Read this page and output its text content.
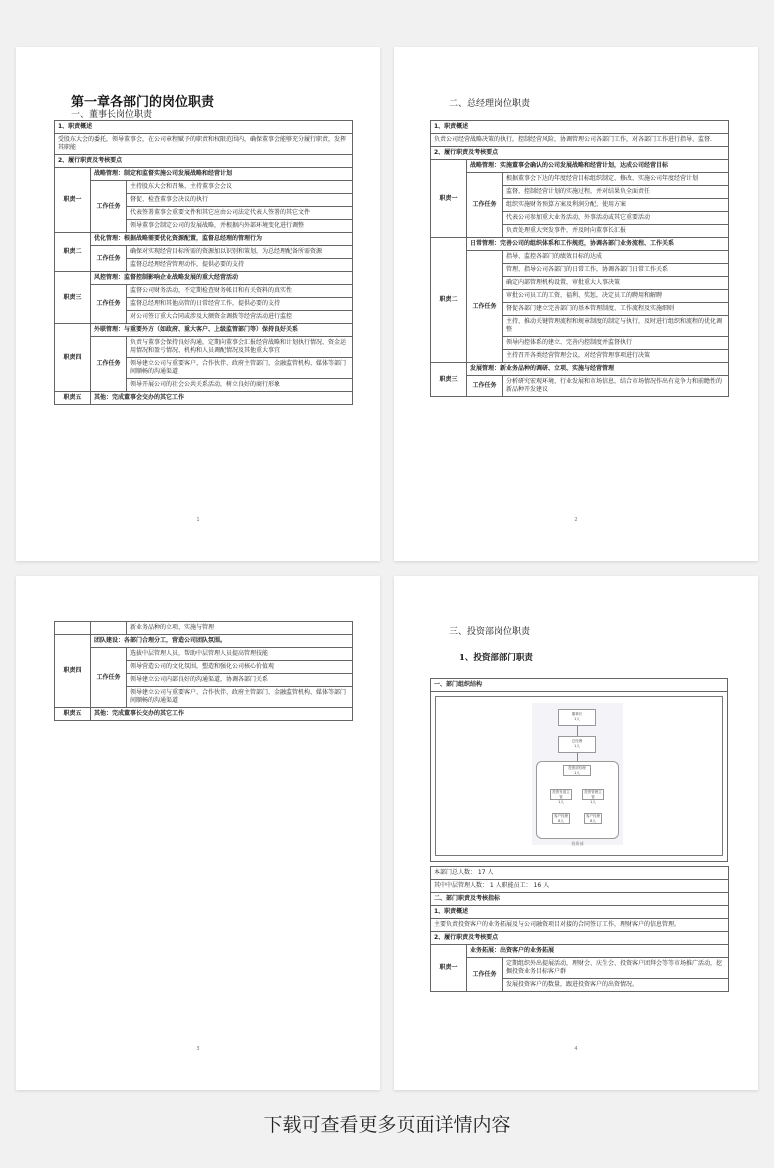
第一章各部门的岗位职责
一、董事长岗位职责
1、职责概述		
受股东大会的委托，领导董事会，在公司章程赋予的职责和权限范围内，确保董事会能够充分履行职责，发挥其职能		
2、履行职责及考核要点		
职责一	战略管理：制定和监督实施公司发展战略和经营计划	
	工作任务	主持股东大会和召集、主持董事会会议
		督促、检查董事会决议的执行
		代表签署董事会重要文件和其它应由公司法定代表人签署的其它文件
		领导董事会制定公司的发展战略，并根据内外部环境变化进行调整
职责二	优化管理：根据战略需要优化资源配置，监督总经理的管理行为	
	工作任务	确保对实现经营目标所需的资源加以识别和策划，为总经理配备所需资源
		监督总经理经营管理动作，提供必要的支持
职责三	风控管理：监督控制影响企业战略发展的重大经营活动	
	工作任务	监督公司财务活动，不定期检查财务帐目和有关资料的真实性
		监督总经理和其他高管的日常经营工作，提供必要的支持
		对公司签订重大合同或涉及大额资金调拨等经营活动进行监控
职责四	外联管理：与重要外方（如政府、重大客户、上级监管部门等）保持良好关系	
	工作任务	负责与董事会保持良好沟通，定期向董事会汇报经营战略和计划执行情况、资金运用情况和盈亏情况、机构和人员调配情况及其他重大事宜
		领导建立公司与重要客户、合作伙伴、政府主管部门、金融监管机构、媒体等部门间顺畅的沟通渠道
		领导开展公司的社会公共关系活动，树立良好的商行形象
职责五	其他：完成董事会交办的其它工作	
1
二、总经理岗位职责
1、职责概述		
负责公司经营战略决策的执行，控制经营风险，协调管理公司各部门工作，对各部门工作进行指导、监督.		
2、履行职责及考核要点		
职责一	战略管理：实施董事会确认的公司发展战略和经营计划，达成公司经营目标	
	工作任务	根据董事会下达的年度经营目标组织制定、修改、实施公司年度经营计划
		监督、控制经营计划的实施过程，并对结果负全面责任
		组织实施财务预算方案及利润分配、使用方案
		代表公司参加重大业务活动，外事活动或其它重要活动
		负责处理重大突发事件，并及时向董事长汇报
职责二	日常管理：完善公司的组织体系和工作规范，协调各部门业务流程、工作关系	
	工作任务	指导、监控各部门的绩效目标的达成
		管理、指导公司各部门的日常工作，协调各部门日常工作关系
		确定内部管理机构设置，审批重大人事决策
		审批公司员工的工资、福利、奖惩，决定员工的聘用和解聘
		督促各部门建立完善部门的基本管理制度、工作流程及实施细则
		主持、推动关键管理流程和规章制度的制定与执行，及时进行组织和流程的优化调整
		领导内控体系的建立、完善内控制度并监督执行
		主持召开各类经营管理会议，对经营管理事项进行决策
职责三	发展管理：新业务品种的调研、立项、实施与经营管理	
	工作任务	分析研究宏观环境、行业发展和市场信息，结合市场情况作出有竞争力和前瞻性的新品种开发建议
2
		新业务品种的立项、实施与管理
职责四	团队建设：各部门合理分工，营造公司团队氛围。	
	工作任务	选拔中层管理人员，帮助中层管理人员提高管理技能
		领导营造公司的文化氛围，塑造和强化公司核心价值观
		领导建立公司内部良好的沟通渠道，协调各部门关系
		领导建立公司与重要客户、合作伙伴、政府主管部门、金融监管机构、媒体等部门间顺畅的沟通渠道
职责五	其他：完成董事长交办的其它工作	
3
三、投资部岗位职责
1、投资部部门职责
一、部门组织结构

董事长
1人
总经理
1人
投资部经理
1人
投资发展主管
1人
投资管理主管
1人
客户经理
8人
客户经理
8人
投资部
本部门总人数： 17 人		
其中中层管理人数： 1 人职能员工： 16 人		
二、部门职责及考核指标		
1、职责概述		
主要负责投资客户的业务拓展及与公司融资项目对接的合同签订工作，理财客户的信息管理。		
2、履行职责及考核要点		
职责一	业务拓展：出资客户的业务拓展	
	工作任务	定期组织外出提展活动，理财会、庆生会、投资客户团拜会等等市场推广活动，挖掘投资业务目标客户群
		发展投资客户的数量，跟进投资客户的出资情况。
4
下载可查看更多页面详情内容
